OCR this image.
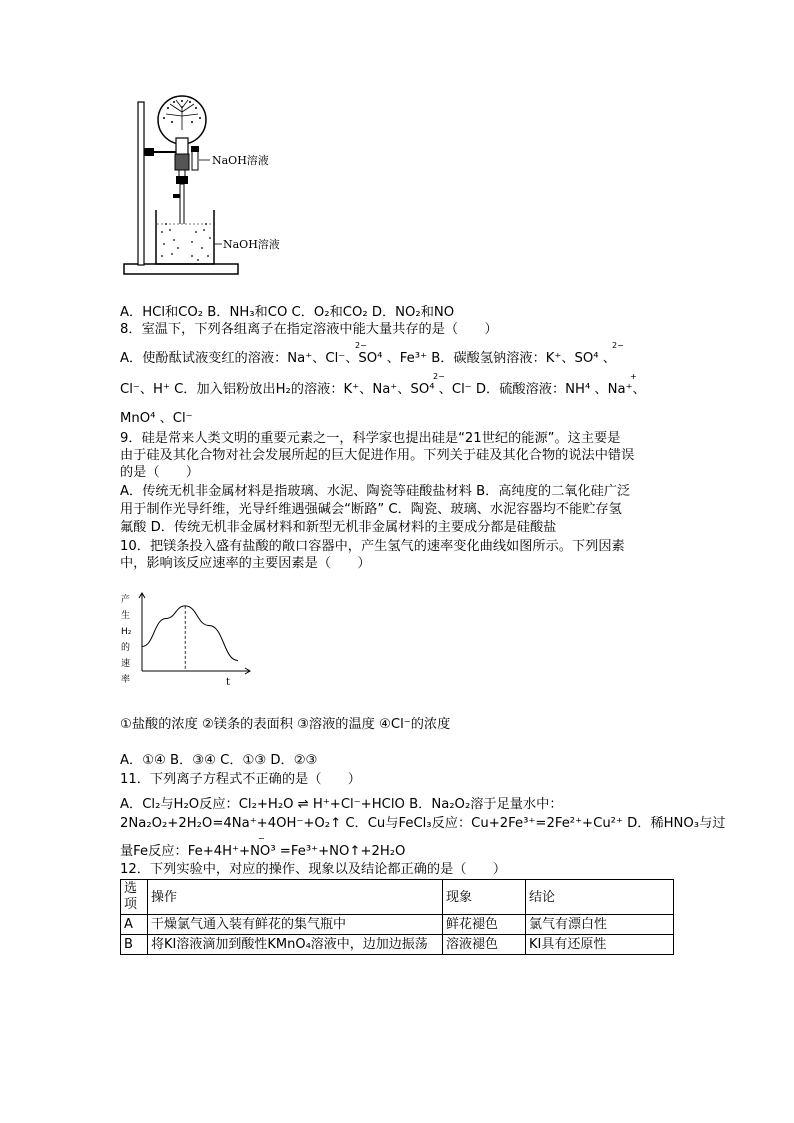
NaOH溶液
NaOH溶液
A．HCl和CO₂ B．NH₃和CO C．O₂和CO₂ D．NO₂和NO
8．室温下，下列各组离子在指定溶液中能大量共存的是（　　）
2−	2−
A．使酚酞试液变红的溶液：Na⁺、Cl⁻、SO⁴ 、Fe³⁺ B．碳酸氢钠溶液：K⁺、SO⁴ 、
2−	+
Cl⁻、H⁺ C．加入铝粉放出H₂的溶液：K⁺、Na⁺、SO⁴ 、Cl⁻ D．硫酸溶液：NH⁴ 、Na⁺、
MnO⁴ 、Cl⁻
9．硅是常来人类文明的重要元素之一，科学家也提出硅是“21世纪的能源”。这主要是
由于硅及其化合物对社会发展所起的巨大促进作用。下列关于硅及其化合物的说法中错误
的是（　　）
A．传统无机非金属材料是指玻璃、水泥、陶瓷等硅酸盐材料 B．高纯度的二氧化硅广泛
用于制作光导纤维，光导纤维遇强碱会“断路” C．陶瓷、玻璃、水泥容器均不能贮存氢
氟酸 D．传统无机非金属材料和新型无机非金属材料的主要成分都是硅酸盐
10．把镁条投入盛有盐酸的敞口容器中，产生氢气的速率变化曲线如图所示。下列因素
中，影响该反应速率的主要因素是（　　）
产
生
H₂
的
速
率	t
①盐酸的浓度 ②镁条的表面积 ③溶液的温度 ④Cl⁻的浓度
A．①④ B．③④ C．①③ D．②③
11．下列离子方程式不正确的是（　　）
A．Cl₂与H₂O反应：Cl₂+H₂O ⇌ H⁺+Cl⁻+HClO B．Na₂O₂溶于足量水中：
2Na₂O₂+2H₂O=4Na⁺+4OH⁻+O₂↑ C．Cu与FeCl₃反应：Cu+2Fe³⁺=2Fe²⁺+Cu²⁺ D．稀HNO₃与过
−
量Fe反应：Fe+4H⁺+NO³ =Fe³⁺+NO↑+2H₂O
12．下列实验中，对应的操作、现象以及结论都正确的是（　　）
选
项	操作	现象	结论
A	干燥氯气通入装有鲜花的集气瓶中	鲜花褪色	氯气有漂白性
B	将KI溶液滴加到酸性KMnO₄溶液中，边加边振荡	溶液褪色	KI具有还原性
